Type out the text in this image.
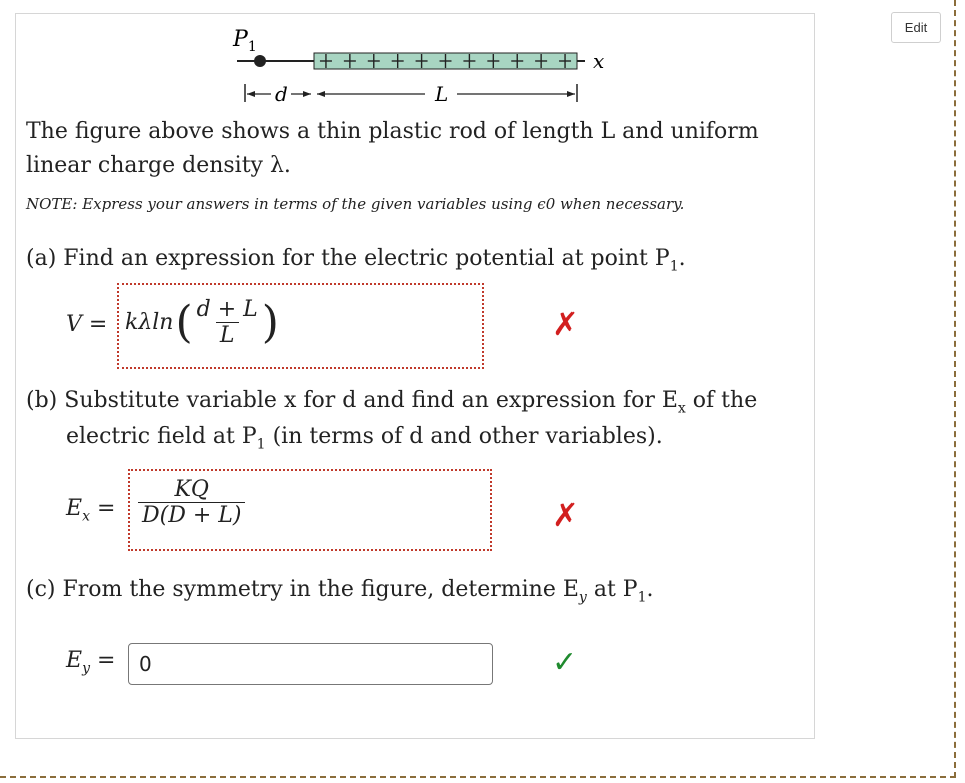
Edit
$P_1$
x
d	L
The figure above shows a thin plastic rod of length L and uniform
linear charge density λ.
NOTE: Express your answers in terms of the given variables using ϵ0 when necessary.
(a) Find an expression for the electric potential at point $P_1$.
V = kλln ( $\frac{d + L}{L}$ )	✗
(b) Substitute variable x for d and find an expression for $E_x$ of the
electric field at $P_1$ (in terms of d and other variables).
$E_x = \frac{KQ}{D(D + L)}$	✗
(c) From the symmetry in the figure, determine $E_y$ at $P_1$.
$E_y$ =
0	✓
